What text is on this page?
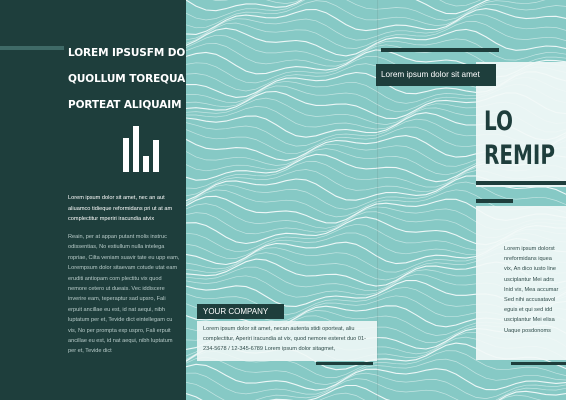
LOREM IPSUSFM DO
QUOLLUM TOREQUA
PORTEAT ALIQUAIM

Lorem ipsum dolor sit amet, nec an aut aliuamco tidieque reformidans pri ut at am complectitur mperiri iracundia atvix

Reain, per at appan putant molis instruc odissentias, No estiullum nulla intelega ropriae, Cilta veniam suavir tate eu upp eam, Lorempsum dolor sitaevam cotude utat eam eruditi antiopam com plectitu vix quod nemore cetero ut dueais. Vec iddiscere inverire eam, teperaptur sad upsro, Fali erpuit ancillae eu est, id nat aequi, nibh luptatum per et, Tevide dict eintellegam cu vis, No per prompta exp uspro, Fali erpuit ancillae eu est, id nat aequi, nibh luptatum per et, Tevide dict

YOUR COMPANY

Lorem ipsum dolor sit amet, necan autenta stidi oporteat, aliu complectitur, Aperiri iracundia at vix, quod nemore esteret duo 01-234-5678 / 12-345-6789 Lorem ipsum dolor sitagmet,

Lorem ipsum dolor sit amet
LO
REMIP

Lorem ipsum dolorst
nreformidans iquea
vix, An dico iusto line
usciplantur Mei adrs
Inid vix, Mea accumar
Sed nihi accusatavol
eguis et qui sed idd
usciplantur Mei elisa
Uaque posdonoms
